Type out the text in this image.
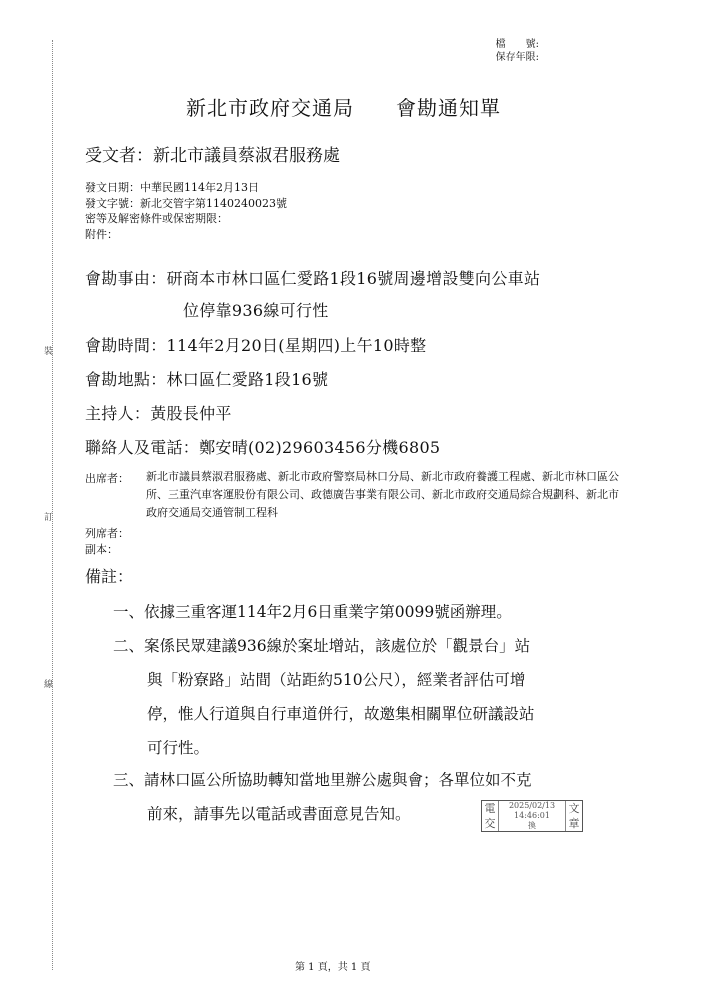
裝
訂
線
檔　　號:
保存年限:
新北市政府交通局　　會勘通知單
受文者：新北市議員蔡淑君服務處
發文日期：中華民國114年2月13日
發文字號：新北交管字第1140240023號
密等及解密條件或保密期限：
附件：
會勘事由：研商本市林口區仁愛路1段16號周邊增設雙向公車站
位停靠936線可行性
會勘時間：114年2月20日(星期四)上午10時整
會勘地點：林口區仁愛路1段16號
主持人：黃股長仲平
聯絡人及電話：鄭安晴(02)29603456分機6805
出席者： 新北市議員蔡淑君服務處、新北市政府警察局林口分局、新北市政府養護工程處、新北市林口區公所、三重汽車客運股份有限公司、政德廣告事業有限公司、新北市政府交通局綜合規劃科、新北市政府交通局交通管制工程科
列席者：
副本：
備註：
一、依據三重客運114年2月6日重業字第0099號函辦理。
二、案係民眾建議936線於案址增站，該處位於「觀景台」站
與「粉寮路」站間（站距約510公尺），經業者評估可增
停，惟人行道與自行車道併行，故邀集相關單位研議設站
可行性。
三、請林口區公所協助轉知當地里辦公處與會；各單位如不克
前來，請事先以電話或書面意見告知。	電
交
2025/02/13
14:46:01
換
文
章
第 1 頁，共 1 頁
